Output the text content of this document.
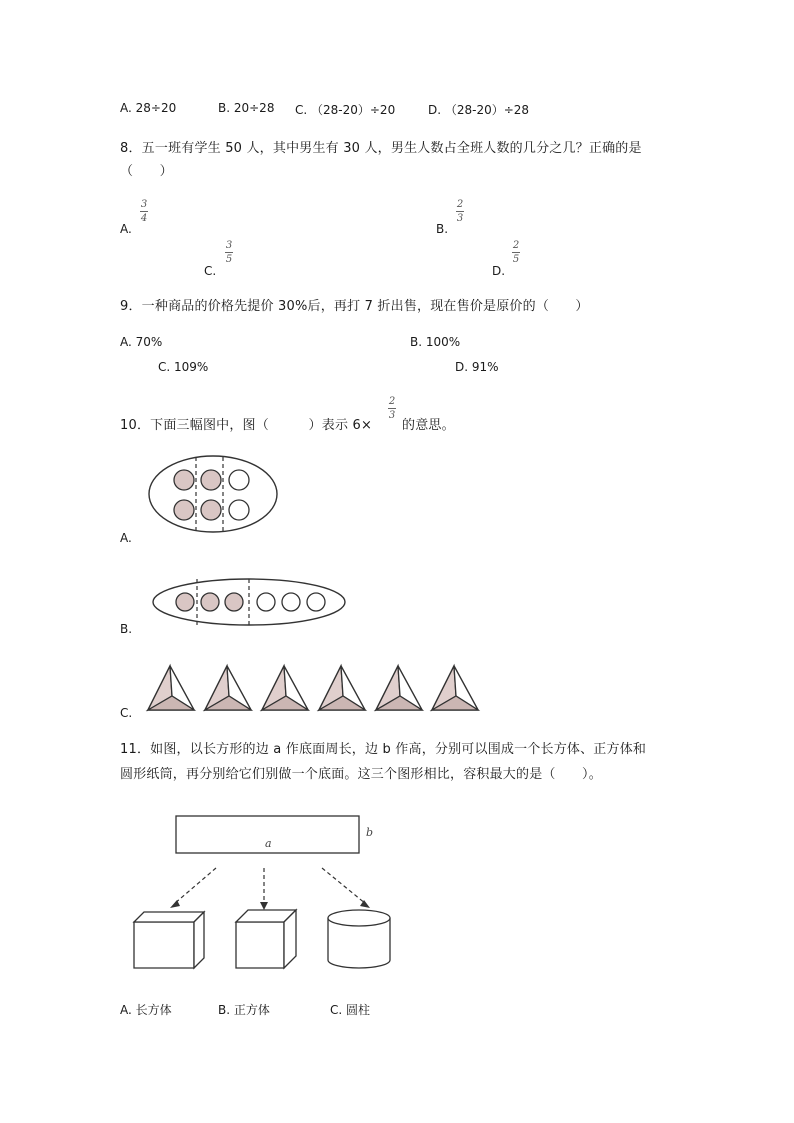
A. 28÷20	B. 20÷28 C. （28-20）÷20	D. （28-20）÷28
8．五一班有学生 50 人，其中男生有 30 人，男生人数占全班人数的几分之几？正确的是
（　　）
A.
3
4
B.
2
3
C.
3
5
D.
2
5
9．一种商品的价格先提价 30%后，再打 7 折出售，现在售价是原价的（　　）
A. 70%	B. 100%
C. 109%	D. 91%
10．下面三幅图中，图（　　　）表示 6×
2
3
的意思。
A.
B.
C.
11．如图，以长方形的边 a 作底面周长，边 b 作高，分别可以围成一个长方体、正方体和
圆形纸筒，再分别给它们别做一个底面。这三个图形相比，容积最大的是（　　）。
a
b
A. 长方体	B. 正方体	C. 圆柱
